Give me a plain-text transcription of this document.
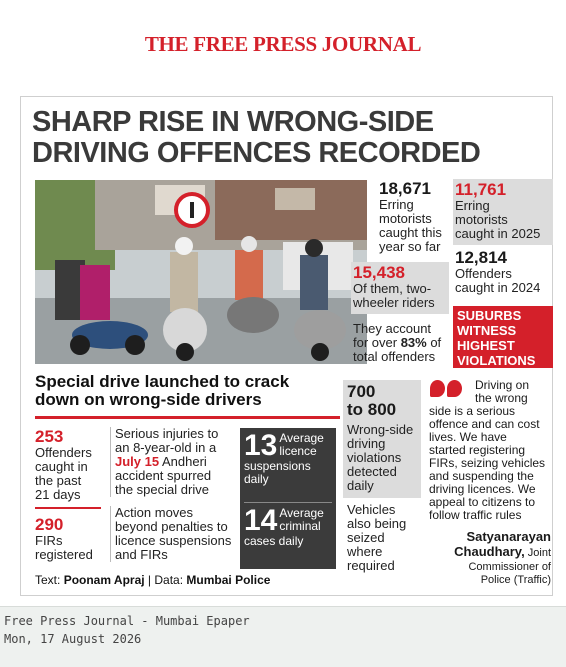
THE FREE PRESS JOURNAL
SHARP RISE IN WRONG-SIDE
DRIVING OFFENCES RECORDED
18,671
Erring
motorists
caught this
year so far
11,761
Erring
motorists
caught in 2025
12,814
Offenders
caught in 2024
15,438
Of them, two-
wheeler riders
They account
for over 83% of
total offenders
SUBURBS
WITNESS
HIGHEST
VIOLATIONS
Special drive launched to crack
down on wrong-side drivers
253
Offenders
caught in
the past
21 days
290
FIRs
registered
Serious injuries to
an 8-year-old in a
July 15 Andheri
accident spurred
the special drive
Action moves
beyond penalties to
licence suspensions
and FIRs
13 Average
licence
suspensions
daily
14 Average
criminal
cases daily
700
to 800
Wrong-side
driving
violations
detected
daily
Vehicles
also being
seized
where
required
Driving on
the wrong
side is a serious
offence and can cost
lives. We have
started registering
FIRs, seizing vehicles
and suspending the
driving licences. We
appeal to citizens to
follow traffic rules
Satyanarayan
Chaudhary, Joint
Commissioner of
Police (Traffic)
Text: Poonam Apraj | Data: Mumbai Police
Free Press Journal - Mumbai Epaper
Mon, 17 August 2026
